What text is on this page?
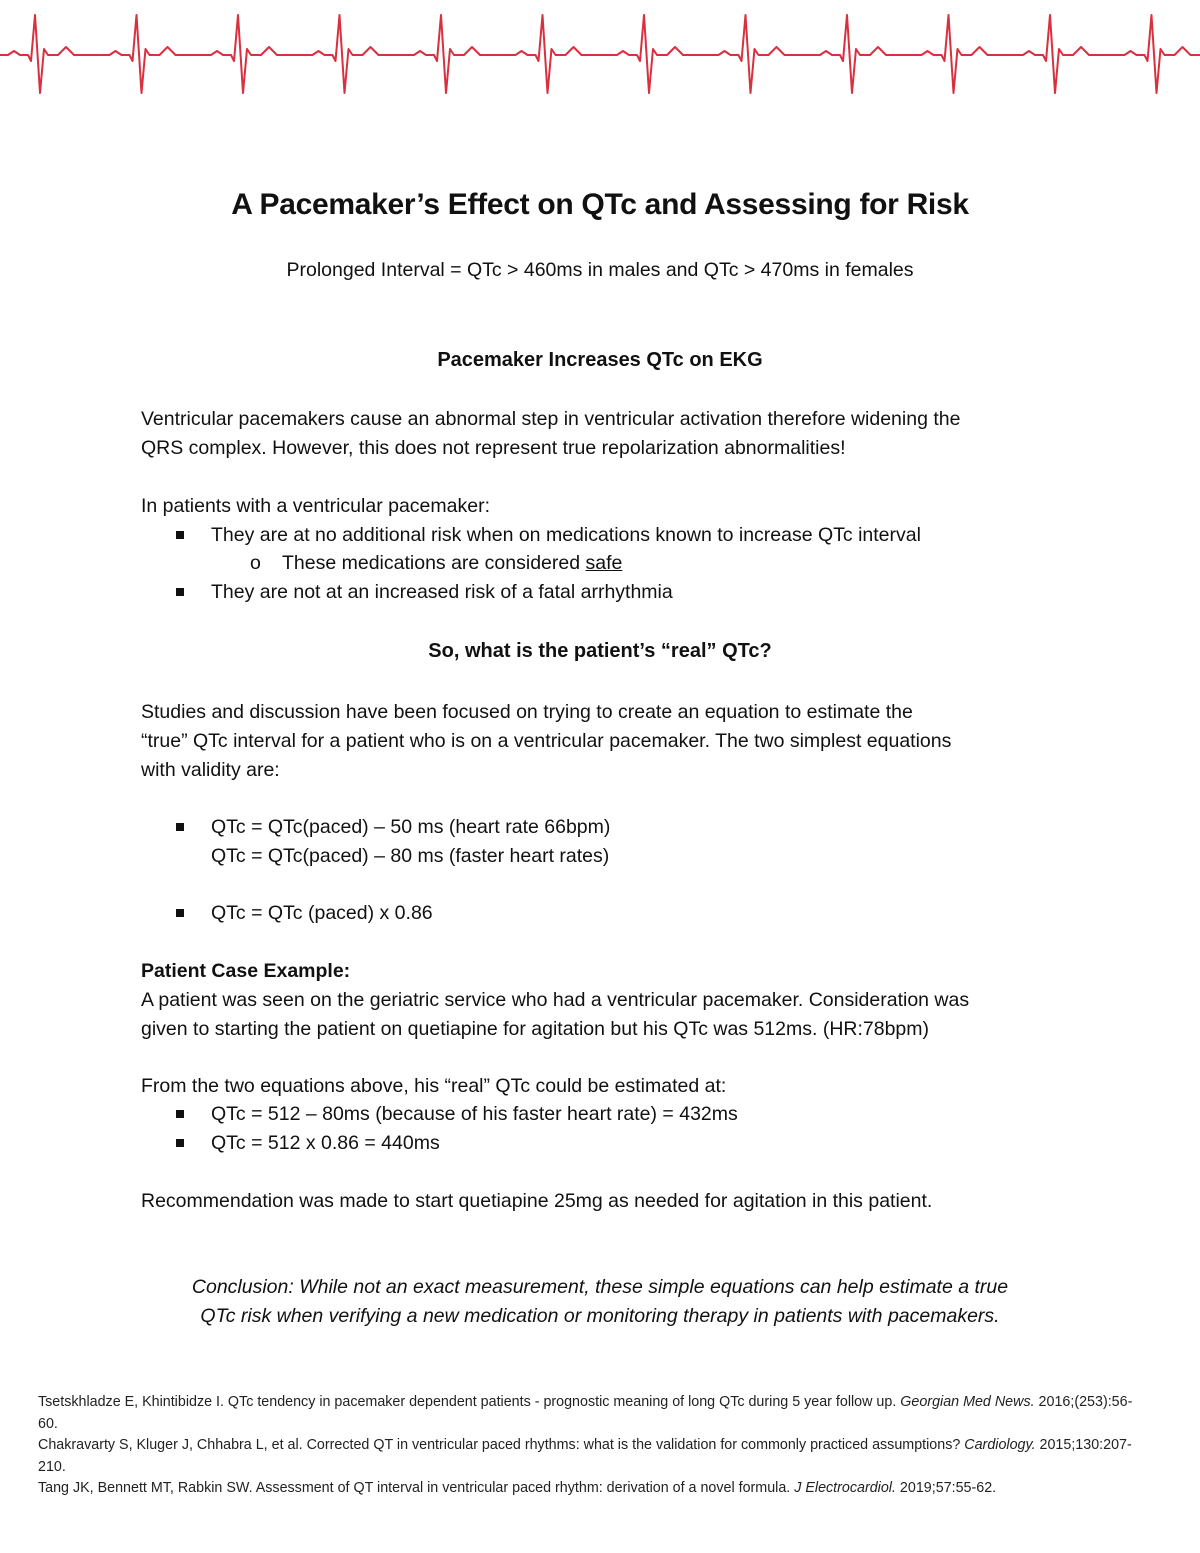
A Pacemaker’s Effect on QTc and Assessing for Risk
Prolonged Interval = QTc > 460ms in males and QTc > 470ms in females
Pacemaker Increases QTc on EKG
Ventricular pacemakers cause an abnormal step in ventricular activation therefore widening the
QRS complex. However, this does not represent true repolarization abnormalities!
In patients with a ventricular pacemaker:
They are at no additional risk when on medications known to increase QTc interval
o These medications are considered safe
They are not at an increased risk of a fatal arrhythmia
So, what is the patient’s “real” QTc?
Studies and discussion have been focused on trying to create an equation to estimate the
“true” QTc interval for a patient who is on a ventricular pacemaker. The two simplest equations
with validity are:
QTc = QTc(paced) – 50 ms (heart rate 66bpm)
QTc = QTc(paced) – 80 ms (faster heart rates)
QTc = QTc (paced) x 0.86
Patient Case Example:
A patient was seen on the geriatric service who had a ventricular pacemaker. Consideration was
given to starting the patient on quetiapine for agitation but his QTc was 512ms. (HR:78bpm)
From the two equations above, his “real” QTc could be estimated at:
QTc = 512 – 80ms (because of his faster heart rate) = 432ms
QTc = 512 x 0.86 = 440ms
Recommendation was made to start quetiapine 25mg as needed for agitation in this patient.
Conclusion: While not an exact measurement, these simple equations can help estimate a true
QTc risk when verifying a new medication or monitoring therapy in patients with pacemakers.
Tsetskhladze E, Khintibidze I. QTc tendency in pacemaker dependent patients - prognostic meaning of long QTc during 5 year follow up. Georgian Med News. 2016;(253):56-60.
Chakravarty S, Kluger J, Chhabra L, et al. Corrected QT in ventricular paced rhythms: what is the validation for commonly practiced assumptions? Cardiology. 2015;130:207-210.
Tang JK, Bennett MT, Rabkin SW. Assessment of QT interval in ventricular paced rhythm: derivation of a novel formula. J Electrocardiol. 2019;57:55-62.
